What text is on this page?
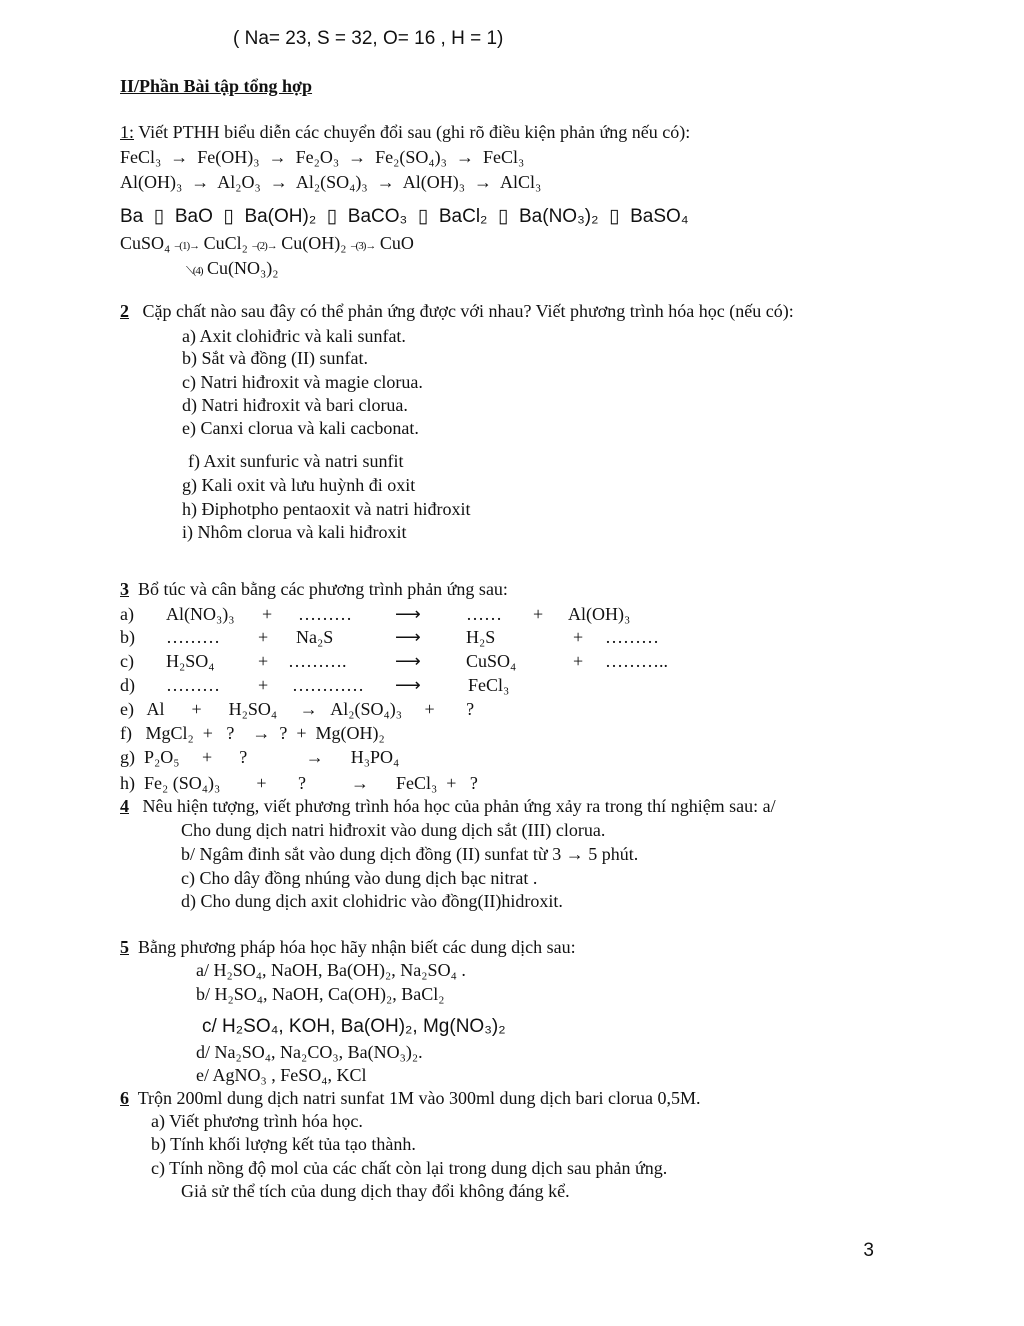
( Na= 23, S = 32, O= 16 , H = 1)
II/Phần Bài tập tổng hợp
1: Viết PTHH biểu diễn các chuyển đổi sau (ghi rõ điều kiện phản ứng nếu có):
FeCl₃  →  Fe(OH)₃  →  Fe₂O₃  →  Fe₂(SO₄)₃  →  FeCl₃
Al(OH)₃  →  Al₂O₃  →  Al₂(SO₄)₃  →  Al(OH)₃  →  AlCl₃
Ba  ▯  BaO  ▯  Ba(OH)₂  ▯  BaCO₃  ▯  BaCl₂  ▯  Ba(NO₃)₂  ▯  BaSO₄
CuSO₄ –(1)→ CuCl₂ –(2)→ Cu(OH)₂ –(3)→ CuO
⟍(4) Cu(NO₃)₂
2 Cặp chất nào sau đây có thể phản ứng được với nhau? Viết phương trình hóa học (nếu có):
a) Axit clohiđric và kali sunfat.
b) Sắt và đồng (II) sunfat.
c) Natri hiđroxit và magie clorua.
d) Natri hiđroxit và bari clorua.
e) Canxi clorua và kali cacbonat.
f) Axit sunfuric và natri sunfit
g) Kali oxit và lưu huỳnh đi oxit
h) Điphotpho pentaoxit và natri hiđroxit
i) Nhôm clorua và kali hiđroxit
3 Bổ túc và cân bằng các phương trình phản ứng sau:
a) Al(NO₃)₃ + ……… ⟶	…… + Al(OH)₃
b) ……… + Na₂S	⟶	H₂S	+ ………
c) H₂SO₄ + ……….	⟶	CuSO₄	+ ………..
d) ……… + ………… ⟶	FeCl₃
e)   Al      +      H₂SO₄     →   Al₂(SO₄)₃     +       ?
f)   MgCl₂  +   ?    →  ?  +  Mg(OH)₂
g)  P₂O₅     +      ?             →      H₃PO₄
h)  Fe₂ (SO₄)₃        +       ?          →      FeCl₃  +   ?
4 Nêu hiện tượng, viết phương trình hóa học của phản ứng xảy ra trong thí nghiệm sau: a/
Cho dung dịch natri hiđroxit vào dung dịch sắt (III) clorua.
b/ Ngâm đinh sắt vào dung dịch đồng (II) sunfat từ 3 → 5 phút.
c) Cho dây đồng nhúng vào dung dịch bạc nitrat .
d) Cho dung dịch axit clohidric vào đồng(II)hidroxit.
5 Bằng phương pháp hóa học hãy nhận biết các dung dịch sau:
a/ H₂SO₄, NaOH, Ba(OH)₂, Na₂SO₄ .
b/ H₂SO₄, NaOH, Ca(OH)₂, BaCl₂
c/ H₂SO₄, KOH, Ba(OH)₂, Mg(NO₃)₂
d/ Na₂SO₄, Na₂CO₃, Ba(NO₃)₂.
e/ AgNO₃ , FeSO₄, KCl
6 Trộn 200ml dung dịch natri sunfat 1M vào 300ml dung dịch bari clorua 0,5M.
a) Viết phương trình hóa học.
b) Tính khối lượng kết tủa tạo thành.
c) Tính nồng độ mol của các chất còn lại trong dung dịch sau phản ứng.
Giả sử thể tích của dung dịch thay đổi không đáng kể.
3
